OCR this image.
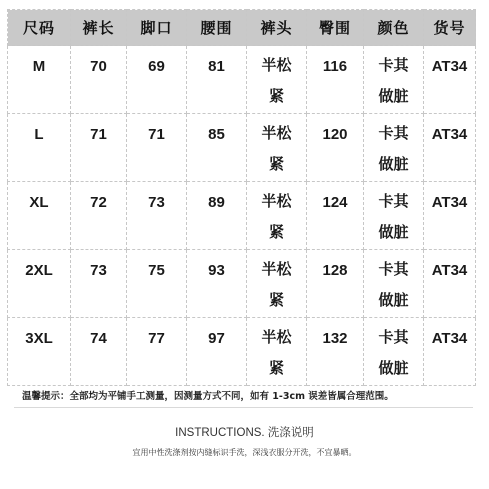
尺码	裤长	脚口	腰围	裤头	臀围	颜色	货号

M	70	69	81	半松紧	116	卡其做脏	AT34

L	71	71	85	半松紧	120	卡其做脏	AT34

XL	72	73	89	半松紧	124	卡其做脏	AT34

2XL	73	75	93	半松紧	128	卡其做脏	AT34

3XL	74	77	97	半松紧	132	卡其做脏	AT34
温馨提示：全部均为平铺手工测量，因测量方式不同，如有 1-3cm 误差皆属合理范围。
INSTRUCTIONS. 洗涤说明
宜用中性洗涤剂按内缝标识手洗，深浅衣服分开洗，不宜暴晒。
